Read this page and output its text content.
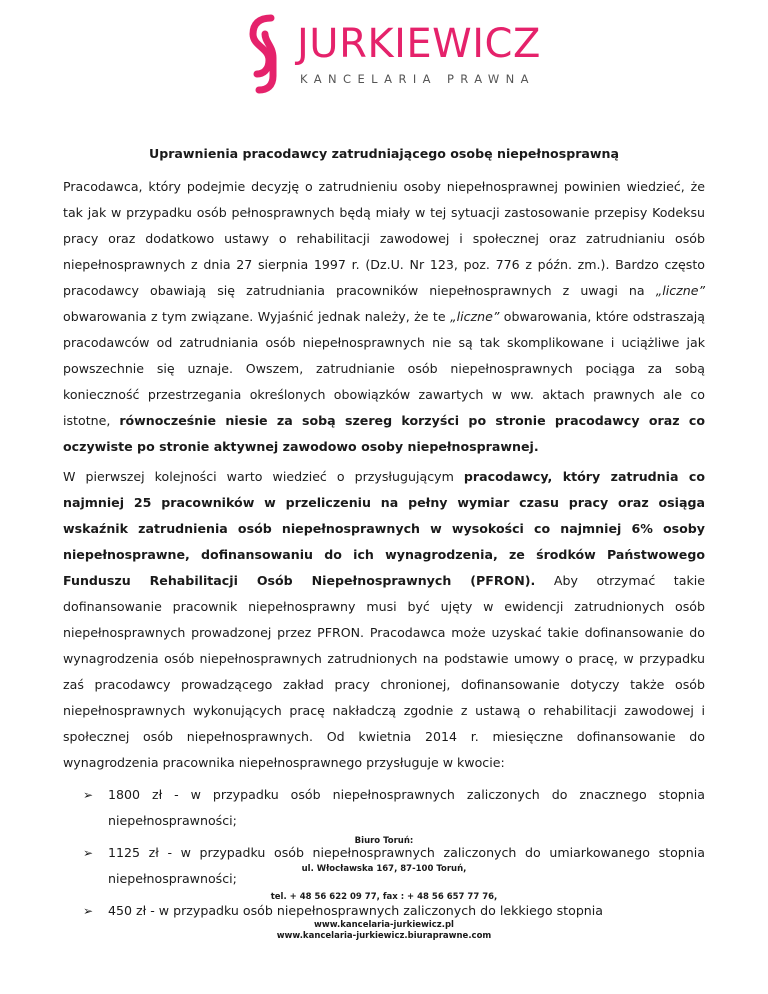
JURKIEWICZ
KANCELARIA PRAWNA
Uprawnienia pracodawcy zatrudniającego osobę niepełnosprawną

Pracodawca, który podejmie decyzję o zatrudnieniu osoby niepełnosprawnej powinien wiedzieć, że tak jak w przypadku osób pełnosprawnych będą miały w tej sytuacji zastosowanie przepisy Kodeksu pracy oraz dodatkowo ustawy o rehabilitacji zawodowej i społecznej oraz zatrudnianiu osób niepełnosprawnych z dnia 27 sierpnia 1997 r. (Dz.U. Nr 123, poz. 776 z późn. zm.). Bardzo często pracodawcy obawiają się zatrudniania pracowników niepełnosprawnych z uwagi na „liczne” obwarowania z tym związane. Wyjaśnić jednak należy, że te „liczne” obwarowania, które odstraszają pracodawców od zatrudniania osób niepełnosprawnych nie są tak skomplikowane i uciążliwe jak powszechnie się uznaje. Owszem, zatrudnianie osób niepełnosprawnych pociąga za sobą konieczność przestrzegania określonych obowiązków zawartych w ww. aktach prawnych ale co istotne, równocześnie niesie za sobą szereg korzyści po stronie pracodawcy oraz co oczywiste po stronie aktywnej zawodowo osoby niepełnosprawnej.

W pierwszej kolejności warto wiedzieć o przysługującym pracodawcy, który zatrudnia co najmniej 25 pracowników w przeliczeniu na pełny wymiar czasu pracy oraz osiąga wskaźnik zatrudnienia osób niepełnosprawnych w wysokości co najmniej 6% osoby niepełnosprawne, dofinansowaniu do ich wynagrodzenia, ze środków Państwowego Funduszu Rehabilitacji Osób Niepełnosprawnych (PFRON). Aby otrzymać takie dofinansowanie pracownik niepełnosprawny musi być ujęty w ewidencji zatrudnionych osób niepełnosprawnych prowadzonej przez PFRON. Pracodawca może uzyskać takie dofinansowanie do wynagrodzenia osób niepełnosprawnych zatrudnionych na podstawie umowy o pracę, w przypadku zaś pracodawcy prowadzącego zakład pracy chronionej, dofinansowanie dotyczy także osób niepełnosprawnych wykonujących pracę nakładczą zgodnie z ustawą o rehabilitacji zawodowej i społecznej osób niepełnosprawnych. Od kwietnia 2014 r. miesięczne dofinansowanie do wynagrodzenia pracownika niepełnosprawnego przysługuje w kwocie:

➢ 1800 zł - w przypadku osób niepełnosprawnych zaliczonych do znacznego stopnia niepełnosprawności;
➢ 1125 zł - w przypadku osób niepełnosprawnych zaliczonych do umiarkowanego stopnia niepełnosprawności;
➢ 450 zł - w przypadku osób niepełnosprawnych zaliczonych do lekkiego stopnia
Biuro Toruń:
ul. Włocławska 167, 87-100 Toruń,
tel. + 48 56 622 09 77, fax : + 48 56 657 77 76,
www.kancelaria-jurkiewicz.pl
www.kancelaria-jurkiewicz.biuraprawne.com
